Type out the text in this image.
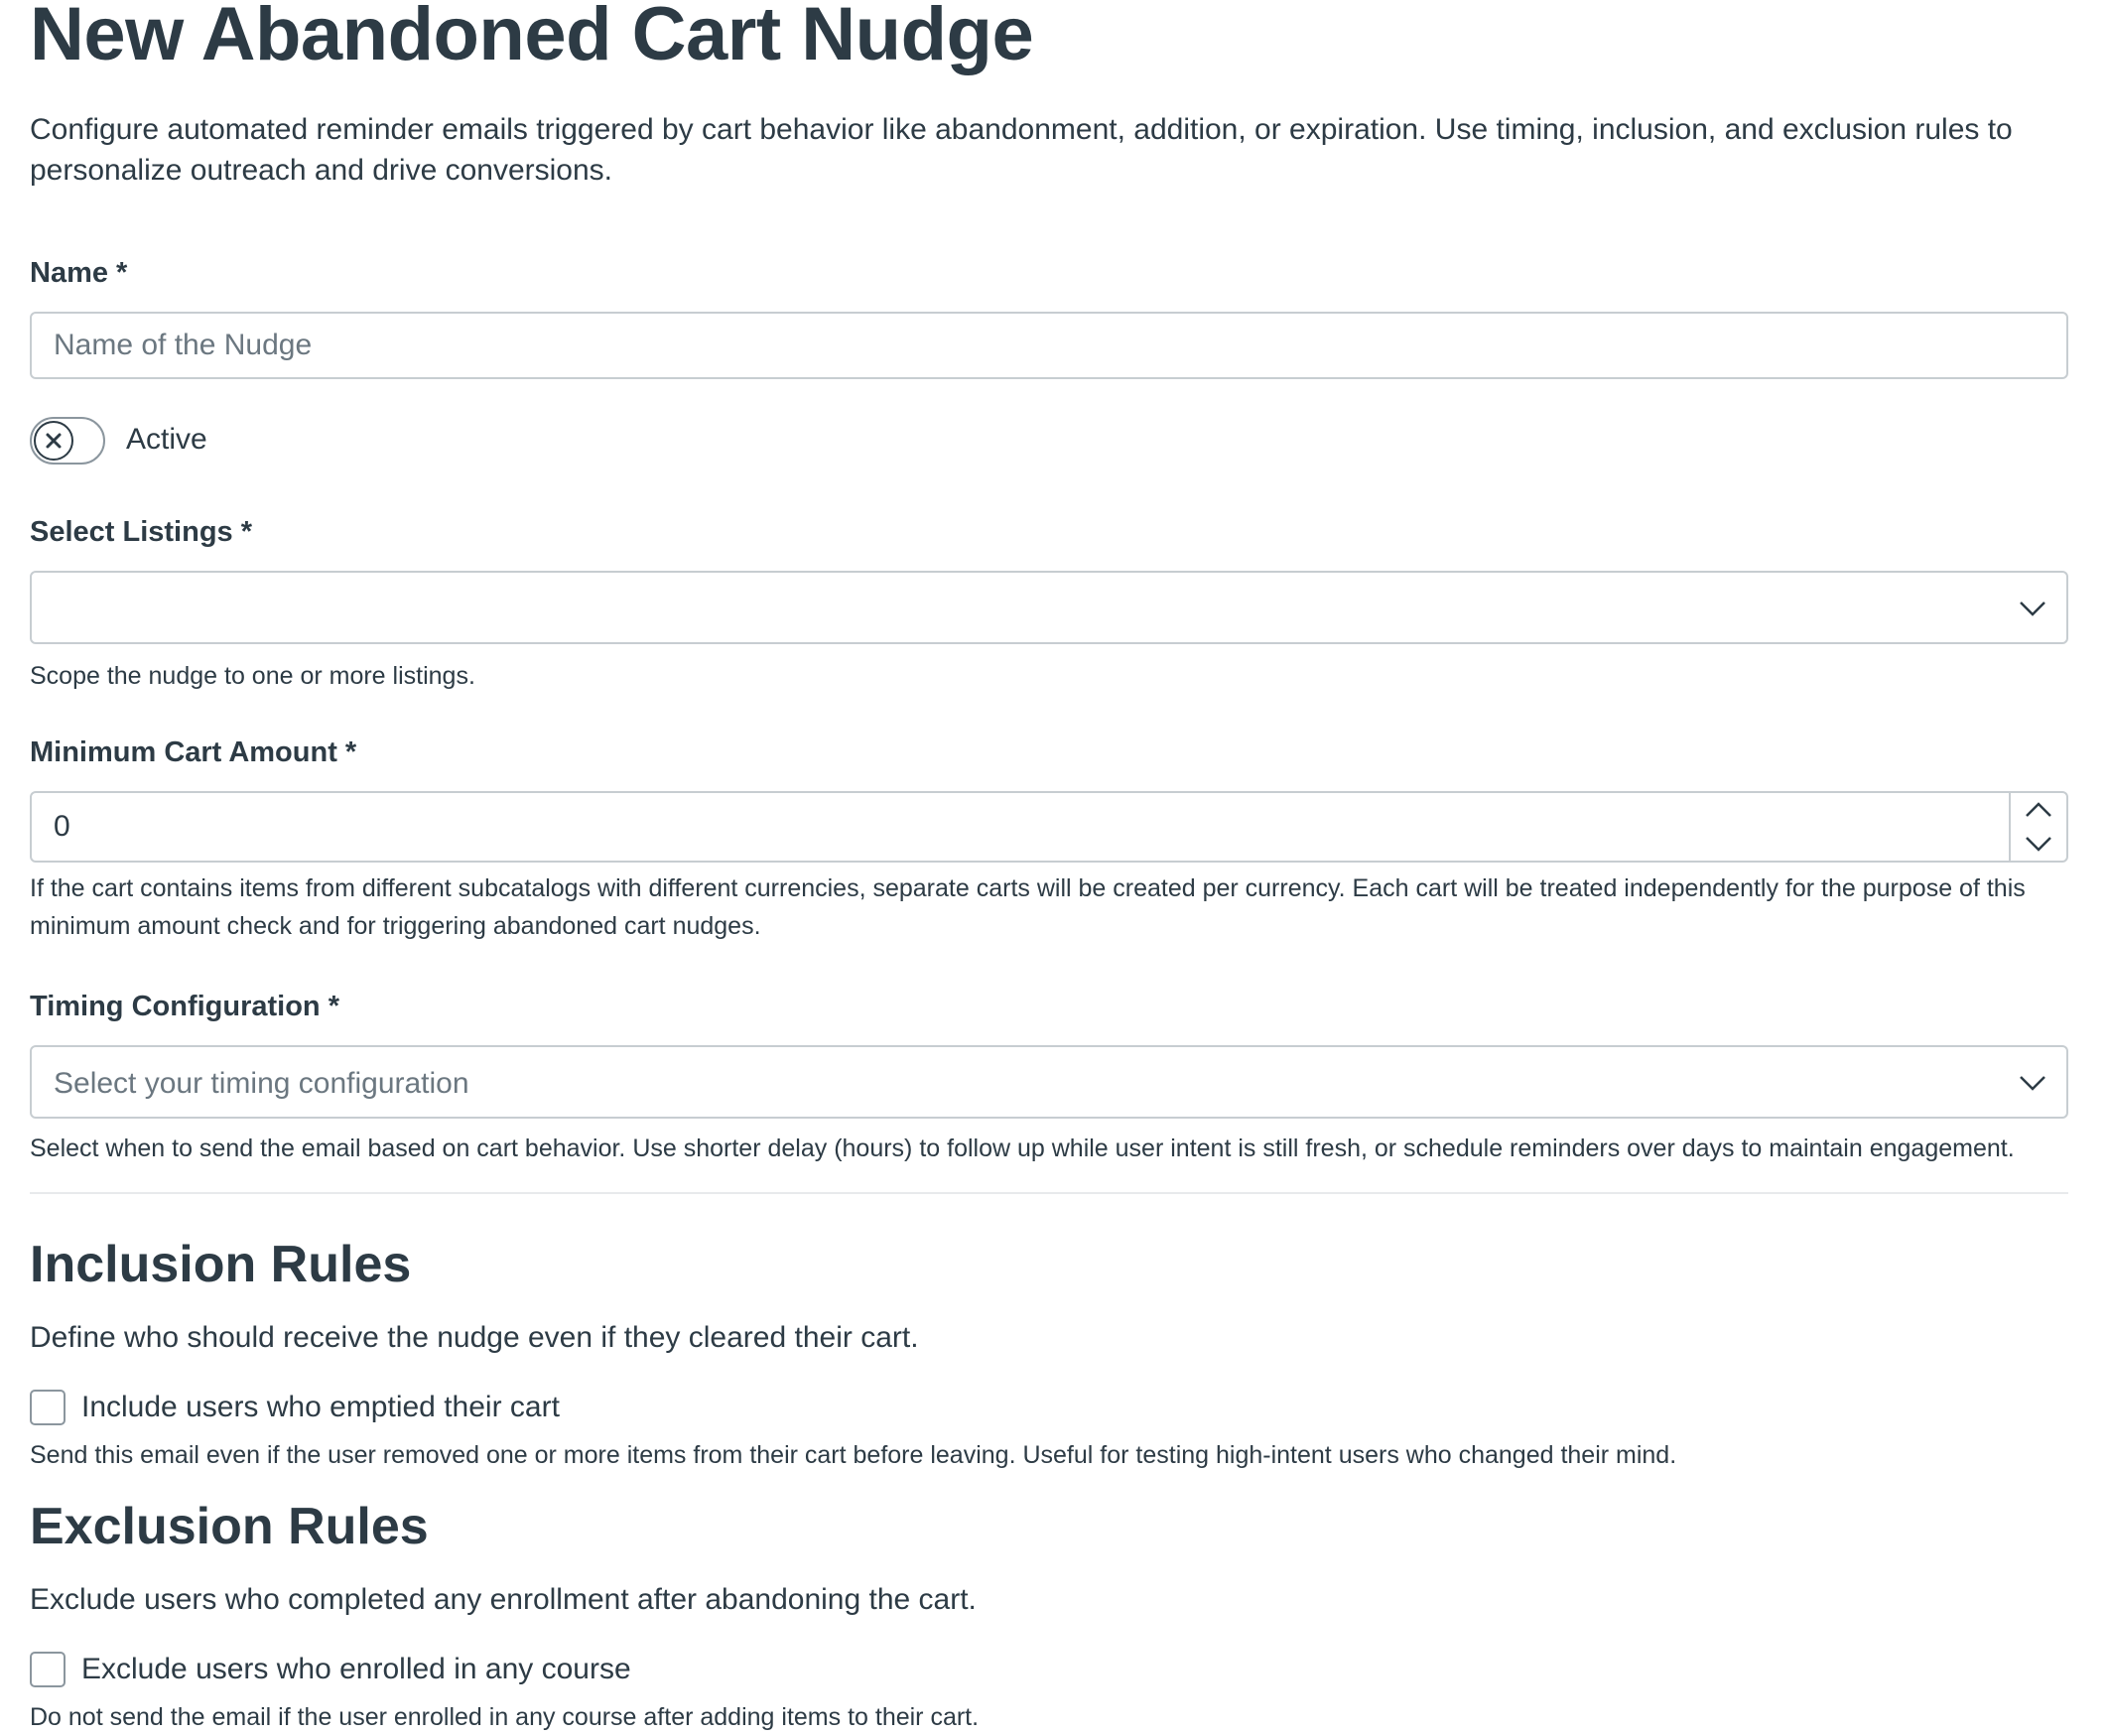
New Abandoned Cart Nudge
Configure automated reminder emails triggered by cart behavior like abandonment, addition, or expiration. Use timing, inclusion, and exclusion rules to personalize outreach and drive conversions.
Name *
Name of the Nudge
Active
Select Listings *
Scope the nudge to one or more listings.
Minimum Cart Amount *
0
If the cart contains items from different subcatalogs with different currencies, separate carts will be created per currency. Each cart will be treated independently for the purpose of this minimum amount check and for triggering abandoned cart nudges.
Timing Configuration *
Select your timing configuration
Select when to send the email based on cart behavior. Use shorter delay (hours) to follow up while user intent is still fresh, or schedule reminders over days to maintain engagement.
Inclusion Rules
Define who should receive the nudge even if they cleared their cart.
Include users who emptied their cart
Send this email even if the user removed one or more items from their cart before leaving. Useful for testing high-intent users who changed their mind.
Exclusion Rules
Exclude users who completed any enrollment after abandoning the cart.
Exclude users who enrolled in any course
Do not send the email if the user enrolled in any course after adding items to their cart.
